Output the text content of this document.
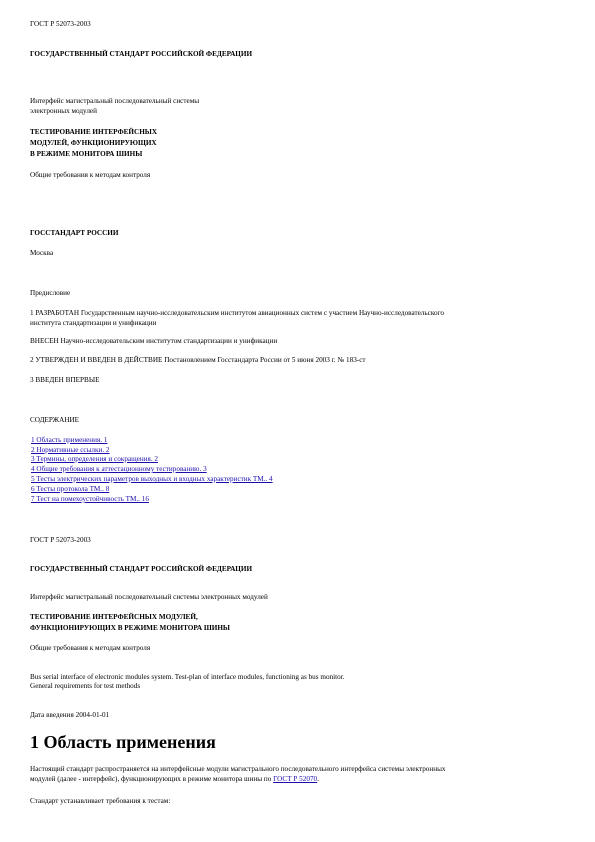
ГОСТ Р 52073-2003

ГОСУДАРСТВЕННЫЙ СТАНДАРТ РОССИЙСКОЙ ФЕДЕРАЦИИ

Интерфейс магистральный последовательный системы

электронных модулей

ТЕСТИРОВАНИЕ ИНТЕРФЕЙСНЫХ

МОДУЛЕЙ, ФУНКЦИОНИРУЮЩИХ

В РЕЖИМЕ МОНИТОРА ШИНЫ

Общие требования к методам контроля

ГОССТАНДАРТ РОССИИ

Москва

Предисловие

1 РАЗРАБОТАН Государственным научно-исследовательским институтом авиационных систем с участием Научно-исследовательского

института стандартизации и унификации

ВНЕСЕН Научно-исследовательским институтом стандартизации и унификации

2 УТВЕРЖДЕН И ВВЕДЕН В ДЕЙСТВИЕ Постановлением Госстандарта России от 5 июня 2003 г. № 183-ст

3 ВВЕДЕН ВПЕРВЫЕ

СОДЕРЖАНИЕ

1 Область применения. 1
2 Нормативные ссылки. 2
3 Термины, определения и сокращения. 2
4 Общие требования к аттестационному тестированию. 3
5 Тесты электрических параметров выходных и входных характеристик ТМ.. 4
6 Тесты протокола ТМ.. 8
7 Тест на помехоустойчивость ТМ.. 16

ГОСТ Р 52073-2003

ГОСУДАРСТВЕННЫЙ СТАНДАРТ РОССИЙСКОЙ ФЕДЕРАЦИИ

Интерфейс магистральный последовательный системы электронных модулей

ТЕСТИРОВАНИЕ ИНТЕРФЕЙСНЫХ МОДУЛЕЙ,

ФУНКЦИОНИРУЮЩИХ В РЕЖИМЕ МОНИТОРА ШИНЫ

Общие требования к методам контроля

Bus serial interface of electronic modules system. Test-plan of interface modules, functioning as bus monitor.

General requirements for test methods

Дата введения 2004-01-01

1 Область применения

Настоящий стандарт распространяется на интерфейсные модули магистрального последовательного интерфейса системы электронных

модулей (далее - интерфейс), функционирующих в режиме монитора шины по ГОСТ Р 52070.

Стандарт устанавливает требования к тестам:
